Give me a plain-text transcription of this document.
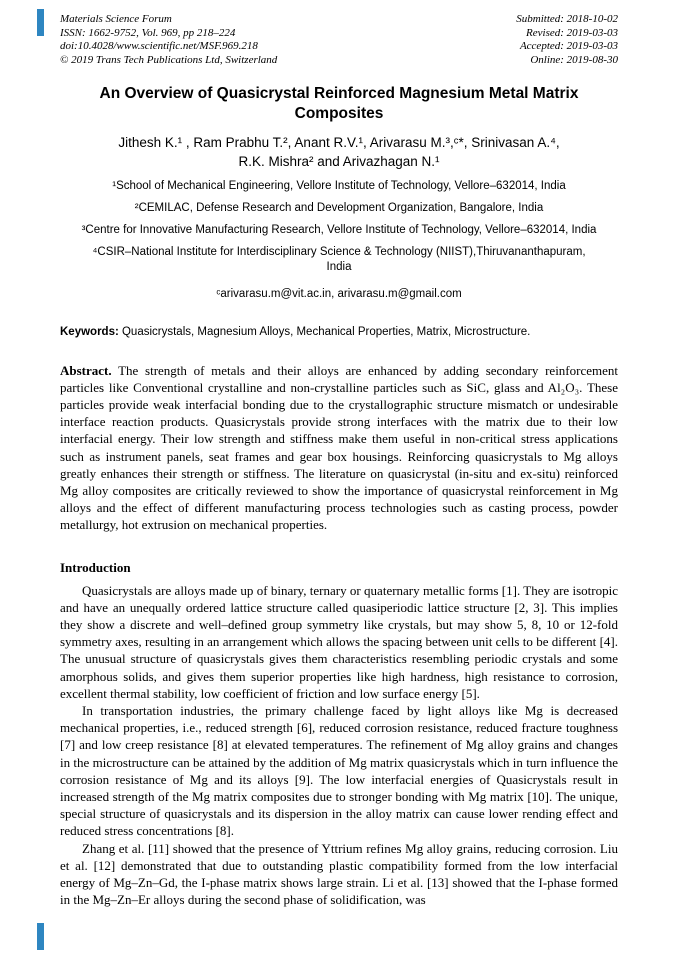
Materials Science Forum
ISSN: 1662-9752, Vol. 969, pp 218–224
doi:10.4028/www.scientific.net/MSF.969.218
© 2019 Trans Tech Publications Ltd, Switzerland
Submitted: 2018-10-02
Revised: 2019-03-03
Accepted: 2019-03-03
Online: 2019-08-30
An Overview of Quasicrystal Reinforced Magnesium Metal Matrix Composites

Jithesh K.¹ , Ram Prabhu T.², Anant R.V.¹, Arivarasu M.³,ᶜ*, Srinivasan A.⁴,
R.K. Mishra² and Arivazhagan N.¹

¹School of Mechanical Engineering, Vellore Institute of Technology, Vellore–632014, India

²CEMILAC, Defense Research and Development Organization, Bangalore, India

³Centre for Innovative Manufacturing Research, Vellore Institute of Technology, Vellore–632014, India

⁴CSIR–National Institute for Interdisciplinary Science & Technology (NIIST),Thiruvananthapuram, India

ᶜarivarasu.m@vit.ac.in, arivarasu.m@gmail.com

Keywords: Quasicrystals, Magnesium Alloys, Mechanical Properties, Matrix, Microstructure.

Abstract. The strength of metals and their alloys are enhanced by adding secondary reinforcement particles like Conventional crystalline and non-crystalline particles such as SiC, glass and Al₂O₃. These particles provide weak interfacial bonding due to the crystallographic structure mismatch or undesirable interface reaction products. Quasicrystals provide strong interfaces with the matrix due to their low interfacial energy. Their low strength and stiffness make them useful in non-critical stress applications such as instrument panels, seat frames and gear box housings. Reinforcing quasicrystals to Mg alloys greatly enhances their strength or stiffness. The literature on quasicrystal (in-situ and ex-situ) reinforced Mg alloy composites are critically reviewed to show the importance of quasicrystal reinforcement in Mg alloys and the effect of different manufacturing process technologies such as casting process, powder metallurgy, hot extrusion on mechanical properties.

Introduction

Quasicrystals are alloys made up of binary, ternary or quaternary metallic forms [1]. They are isotropic and have an unequally ordered lattice structure called quasiperiodic lattice structure [2, 3]. This implies they show a discrete and well–defined group symmetry like crystals, but may show 5, 8, 10 or 12-fold symmetry axes, resulting in an arrangement which allows the spacing between unit cells to be different [4]. The unusual structure of quasicrystals gives them characteristics resembling periodic crystals and some amorphous solids, and gives them superior properties like high hardness, high resistance to corrosion, excellent thermal stability, low coefficient of friction and low surface energy [5].

In transportation industries, the primary challenge faced by light alloys like Mg is decreased mechanical properties, i.e., reduced strength [6], reduced corrosion resistance, reduced fracture toughness [7] and low creep resistance [8] at elevated temperatures. The refinement of Mg alloy grains and changes in the microstructure can be attained by the addition of Mg matrix quasicrystals which in turn influence the corrosion resistance of Mg and its alloys [9]. The low interfacial energies of Quasicrystals result in increased strength of the Mg matrix composites due to stronger bonding with Mg matrix [10]. The unique, special structure of quasicrystals and its dispersion in the alloy matrix can cause lower rending effect and reduced stress concentrations [8].

Zhang et al. [11] showed that the presence of Yttrium refines Mg alloy grains, reducing corrosion. Liu et al. [12] demonstrated that due to outstanding plastic compatibility formed from the low interfacial energy of Mg–Zn–Gd, the I-phase matrix shows large strain. Li et al. [13] showed that the I-phase formed in the Mg–Zn–Er alloys during the second phase of solidification, was
